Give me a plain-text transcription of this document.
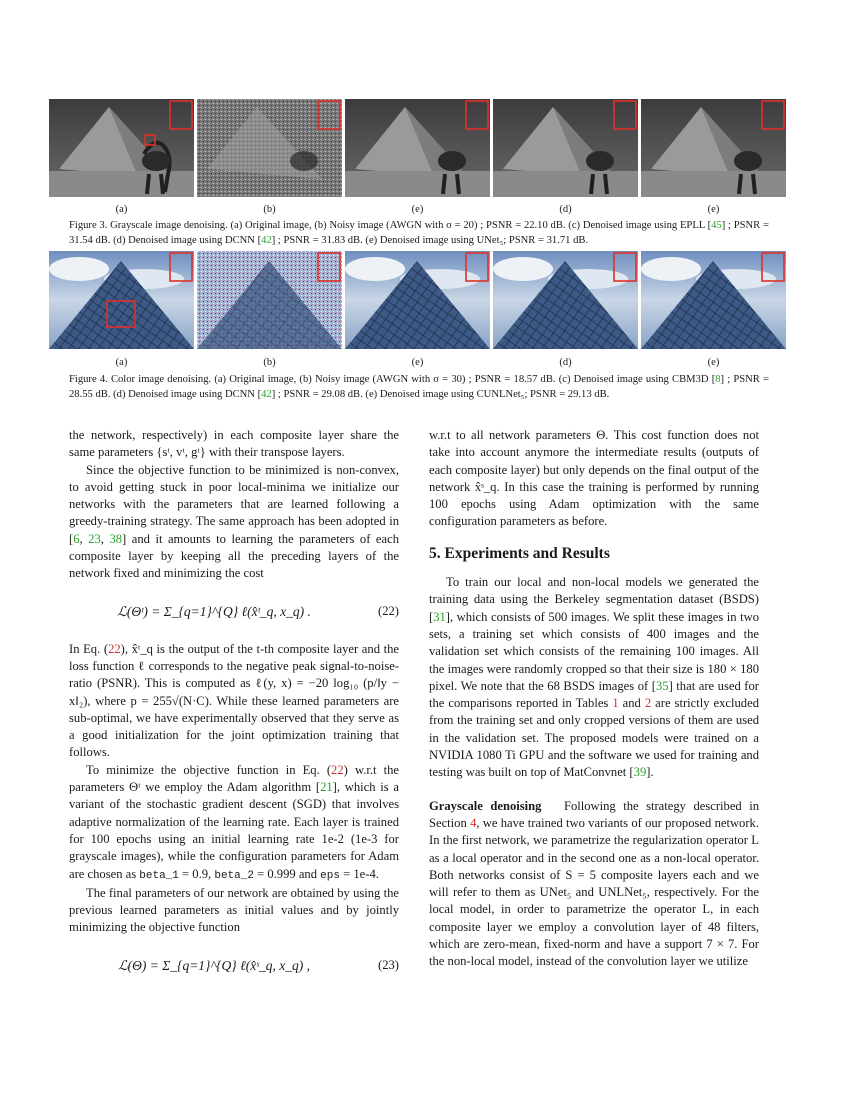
(a)	(b)	(e)	(d)	(e)
Figure 3. Grayscale image denoising. (a) Original image, (b) Noisy image (AWGN with σ = 20) ; PSNR = 22.10 dB. (c) Denoised image using EPLL [45] ; PSNR = 31.54 dB. (d) Denoised image using DCNN [42] ; PSNR = 31.83 dB. (e) Denoised image using UNet₅; PSNR = 31.71 dB.
(a)	(b)	(e)	(d)	(e)
Figure 4. Color image denoising. (a) Original image, (b) Noisy image (AWGN with σ = 30) ; PSNR = 18.57 dB. (c) Denoised image using CBM3D [8] ; PSNR = 28.55 dB. (d) Denoised image using DCNN [42] ; PSNR = 29.08 dB. (e) Denoised image using CUNLNet₅; PSNR = 29.13 dB.

the network, respectively) in each composite layer share the same parameters {sᵗ, vᵗ, gᵗ} with their transpose layers.

Since the objective function to be minimized is non-convex, to avoid getting stuck in poor local-minima we initialize our networks with the parameters that are learned following a greedy-training strategy. The same approach has been adopted in [6, 23, 38] and it amounts to learning the parameters of each composite layer by keeping all the preceding layers of the network fixed and minimizing the cost

ℒ(Θᵗ) = Σ_{q=1}^{Q} ℓ(x̂ᵗ_q, x_q) .	(22)

In Eq. (22), x̂ᵗ_q is the output of the t-th composite layer and the loss function ℓ corresponds to the negative peak signal-to-noise-ratio (PSNR). This is computed as ℓ(y, x) = −20 log₁₀ (p/‖y − x‖₂), where p = 255√(N·C). While these learned parameters are sub-optimal, we have experimentally observed that they serve as a good initialization for the joint optimization training that follows.

To minimize the objective function in Eq. (22) w.r.t the parameters Θᵗ we employ the Adam algorithm [21], which is a variant of the stochastic gradient descent (SGD) that involves adaptive normalization of the learning rate. Each layer is trained for 100 epochs using an initial learning rate 1e-2 (1e-3 for grayscale images), while the configuration parameters for Adam are chosen as beta_1 = 0.9, beta_2 = 0.999 and eps = 1e-4.

The final parameters of our network are obtained by using the previous learned parameters as initial values and by jointly minimizing the objective function

ℒ(Θ) = Σ_{q=1}^{Q} ℓ(x̂ˢ_q, x_q) ,	(23)

w.r.t to all network parameters Θ. This cost function does not take into account anymore the intermediate results (outputs of each composite layer) but only depends on the final output of the network x̂ˢ_q. In this case the training is performed by running 100 epochs using Adam optimization with the same configuration parameters as before.

5. Experiments and Results

To train our local and non-local models we generated the training data using the Berkeley segmentation dataset (BSDS) [31], which consists of 500 images. We split these images in two sets, a training set which consists of 400 images and the validation set which consists of the remaining 100 images. All the images were randomly cropped so that their size is 180 × 180 pixel. We note that the 68 BSDS images of [35] that are used for the comparisons reported in Tables 1 and 2 are strictly excluded from the training set and only cropped versions of them are used in the validation set. The proposed models were trained on a NVIDIA 1080 Ti GPU and the software we used for training and testing was built on top of MatConvnet [39].

Grayscale denoising Following the strategy described in Section 4, we have trained two variants of our proposed network. In the first network, we parametrize the regularization operator L as a local operator and in the second one as a non-local operator. Both networks consist of S = 5 composite layers each and we will refer to them as UNet₅ and UNLNet₅, respectively. For the local model, in order to parametrize the operator L, in each composite layer we employ a convolution layer of 48 filters, which are zero-mean, fixed-norm and have a support 7 × 7. For the non-local model, instead of the convolution layer we utilize
